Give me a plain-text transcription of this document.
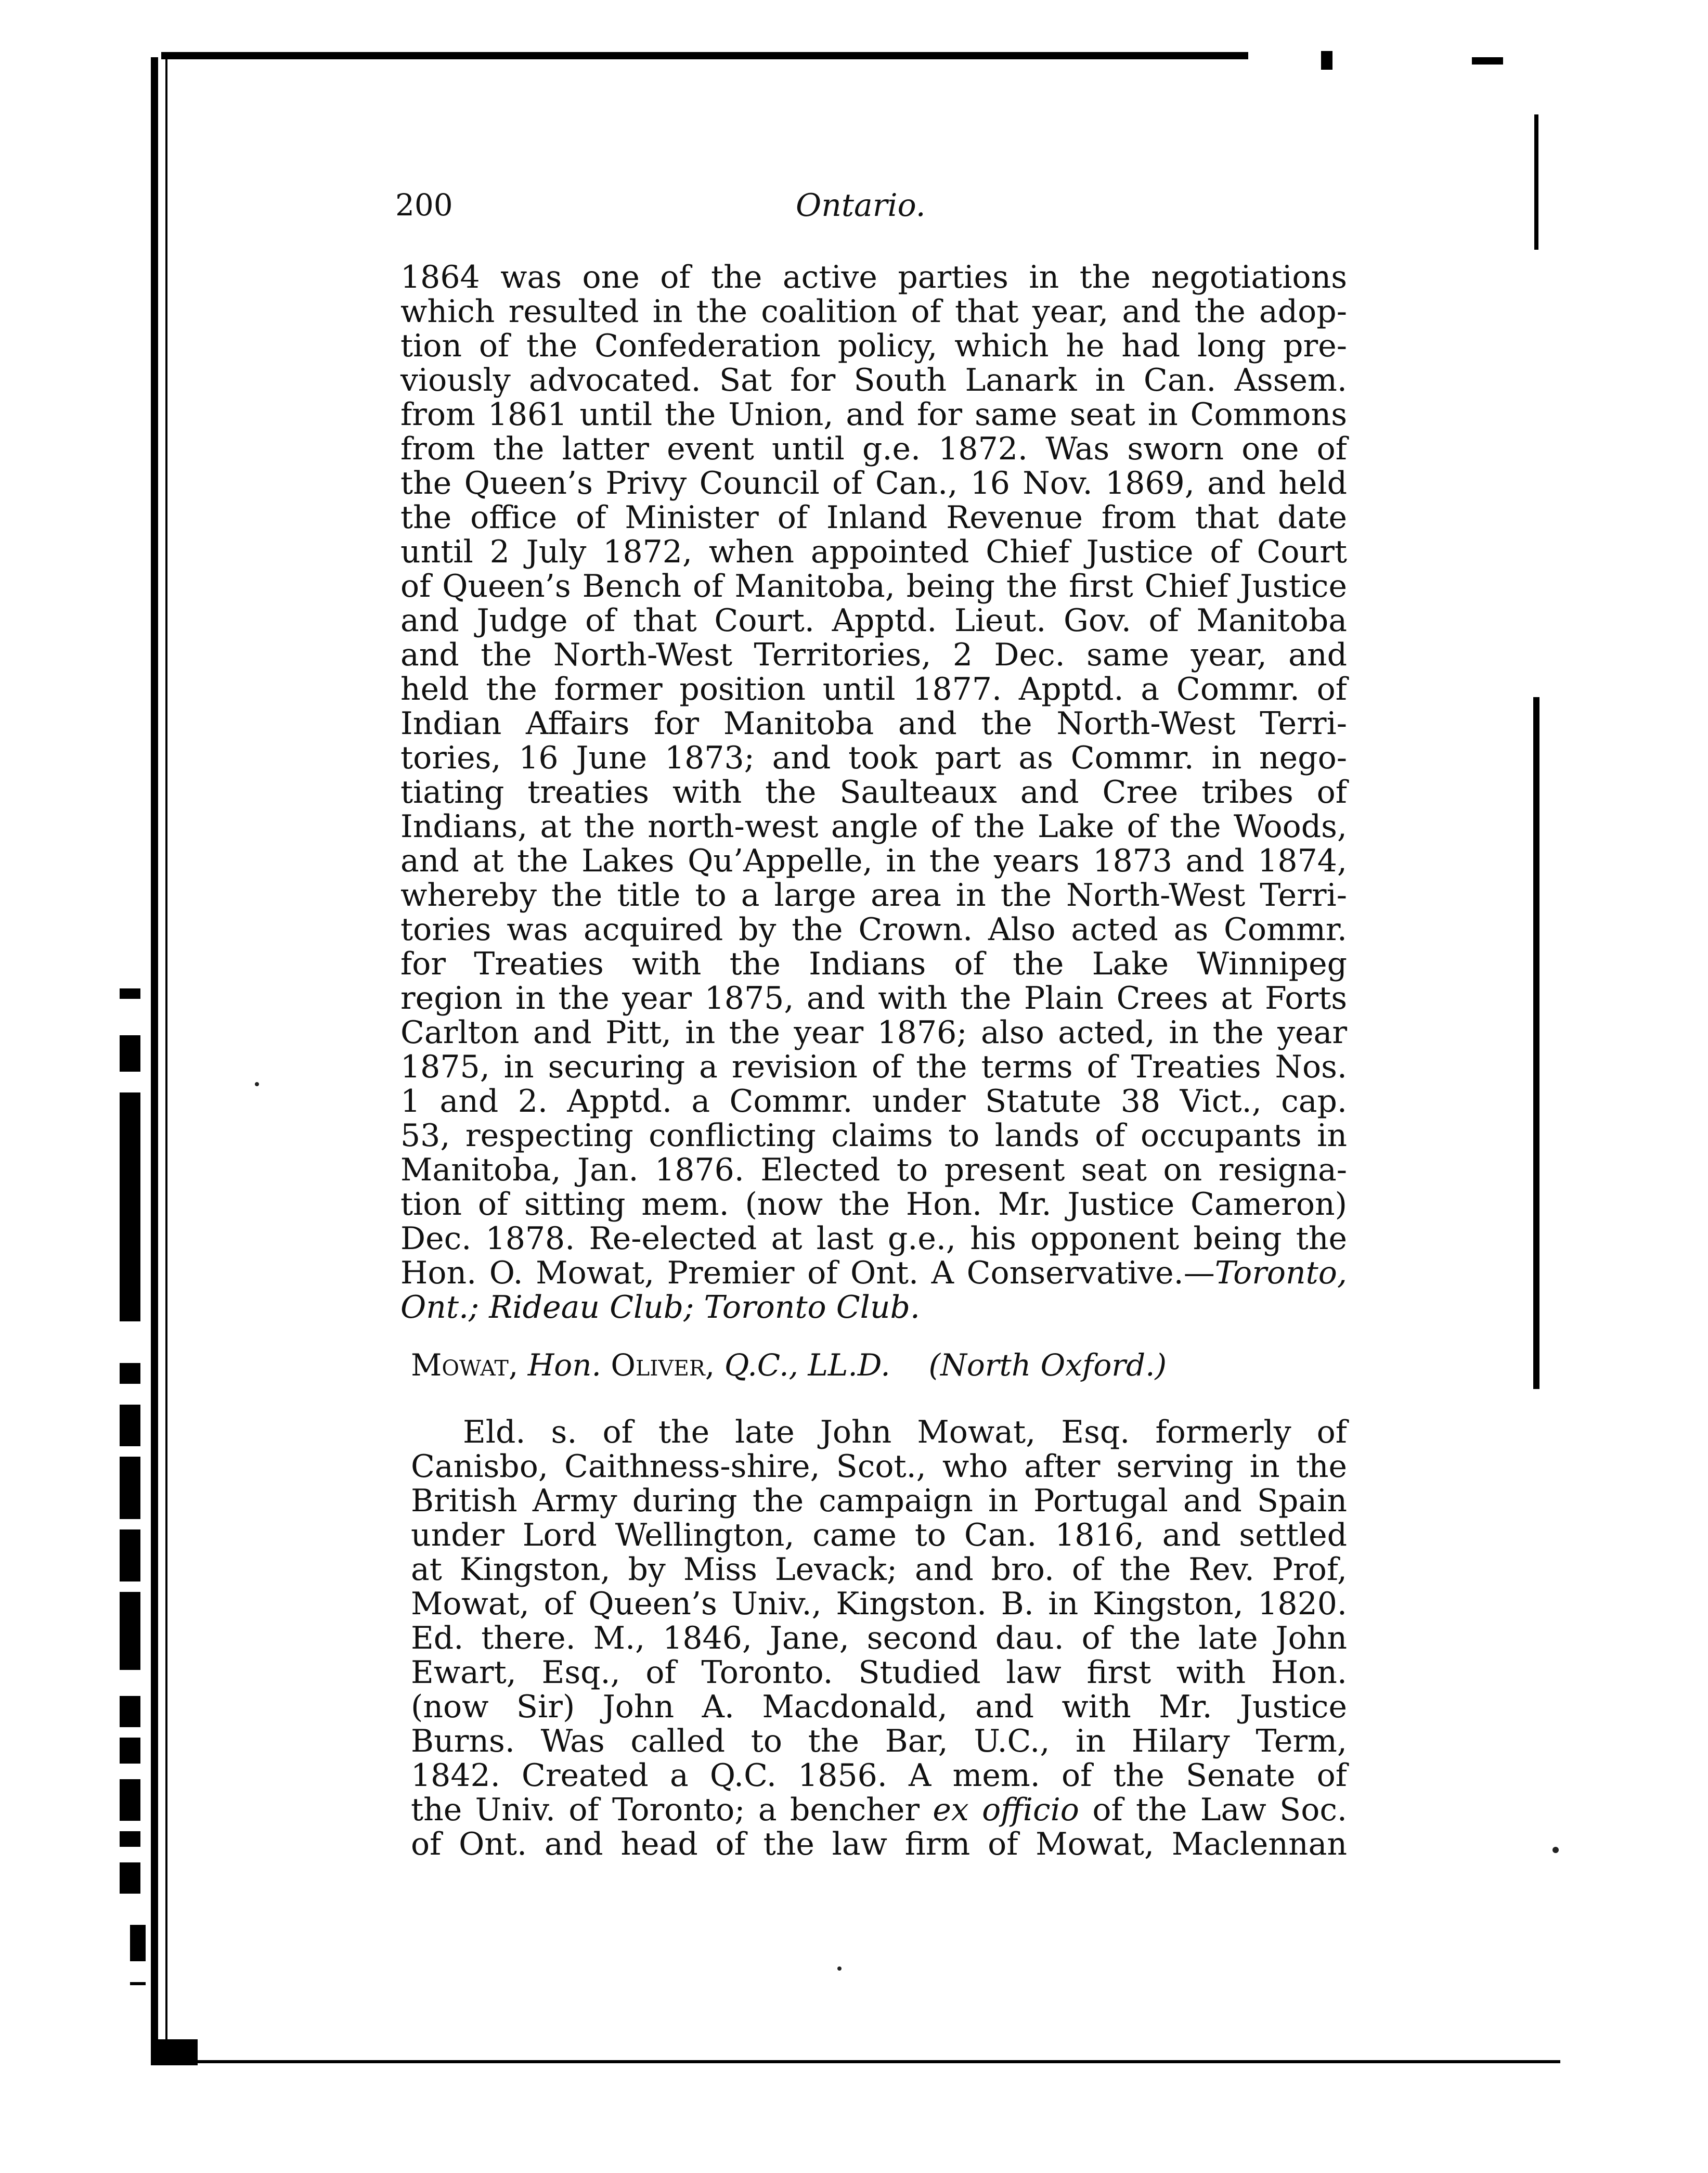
200	Ontario.
1864 was one of the active parties in the negotiations
which resulted in the coalition of that year, and the adop-
tion of the Confederation policy, which he had long pre-
viously advocated. Sat for South Lanark in Can. Assem.
from 1861 until the Union, and for same seat in Commons
from the latter event until g.e. 1872. Was sworn one of
the Queen’s Privy Council of Can., 16 Nov. 1869, and held
the office of Minister of Inland Revenue from that date
until 2 July 1872, when appointed Chief Justice of Court
of Queen’s Bench of Manitoba, being the first Chief Justice
and Judge of that Court. Apptd. Lieut. Gov. of Manitoba
and the North-West Territories, 2 Dec. same year, and
held the former position until 1877. Apptd. a Commr. of
Indian Affairs for Manitoba and the North-West Terri-
tories, 16 June 1873; and took part as Commr. in nego-
tiating treaties with the Saulteaux and Cree tribes of
Indians, at the north-west angle of the Lake of the Woods,
and at the Lakes Qu’Appelle, in the years 1873 and 1874,
whereby the title to a large area in the North-West Terri-
tories was acquired by the Crown. Also acted as Commr.
for Treaties with the Indians of the Lake Winnipeg
region in the year 1875, and with the Plain Crees at Forts
Carlton and Pitt, in the year 1876; also acted, in the year
1875, in securing a revision of the terms of Treaties Nos.
1 and 2. Apptd. a Commr. under Statute 38 Vict., cap.
53, respecting conflicting claims to lands of occupants in
Manitoba, Jan. 1876. Elected to present seat on resigna-
tion of sitting mem. (now the Hon. Mr. Justice Cameron)
Dec. 1878. Re-elected at last g.e., his opponent being the
Hon. O. Mowat, Premier of Ont. A Conservative.—Toronto,
Ont.; Rideau Club; Toronto Club.
Mowat, Hon. Oliver, Q.C., LL.D. (North Oxford.)
Eld. s. of the late John Mowat, Esq. formerly of
Canisbo, Caithness-shire, Scot., who after serving in the
British Army during the campaign in Portugal and Spain
under Lord Wellington, came to Can. 1816, and settled
at Kingston, by Miss Levack; and bro. of the Rev. Prof,
Mowat, of Queen’s Univ., Kingston. B. in Kingston, 1820.
Ed. there. M., 1846, Jane, second dau. of the late John
Ewart, Esq., of Toronto. Studied law first with Hon.
(now Sir) John A. Macdonald, and with Mr. Justice
Burns. Was called to the Bar, U.C., in Hilary Term,
1842. Created a Q.C. 1856. A mem. of the Senate of
the Univ. of Toronto; a bencher ex officio of the Law Soc.
of Ont. and head of the law firm of Mowat, Maclennan
